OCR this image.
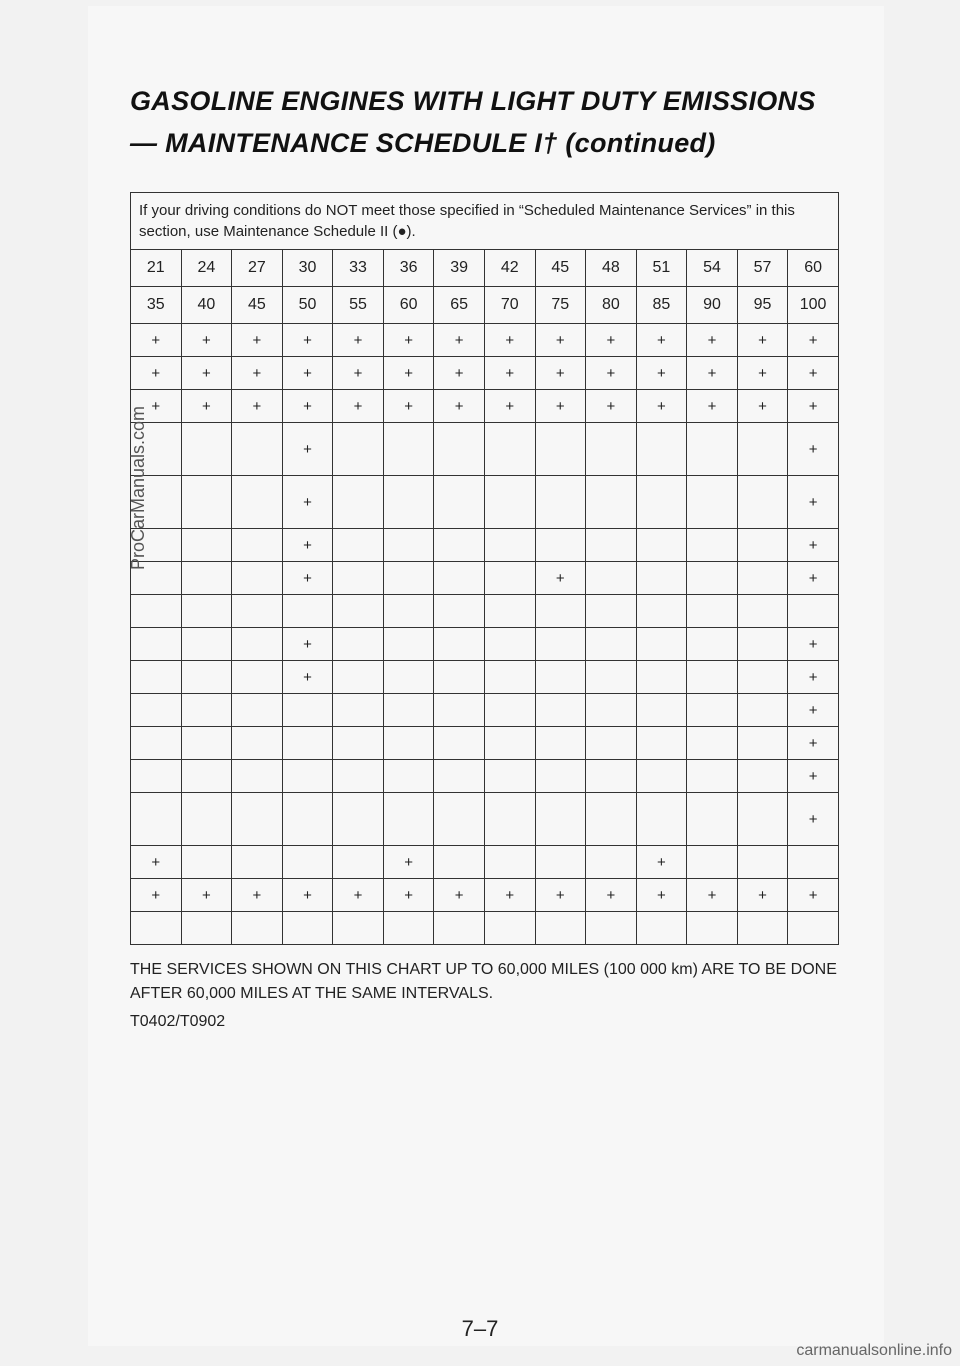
GASOLINE ENGINES WITH LIGHT DUTY EMISSIONS
— MAINTENANCE SCHEDULE I† (continued)
If your driving conditions do NOT meet those specified in “Scheduled Maintenance Services” in this section, use Maintenance Schedule II (●).													
21	24	27	30	33	36	39	42	45	48	51	54	57	60
35	40	45	50	55	60	65	70	75	80	85	90	95	100
+	+	+	+	+	+	+	+	+	+	+	+	+	+
+	+	+	+	+	+	+	+	+	+	+	+	+	+
+	+	+	+	+	+	+	+	+	+	+	+	+	+
			+										+
			+										+
			+										+
			+					+					+

			+										+
			+										+
													+
													+
													+
													+
+					+					+			
+	+	+	+	+	+	+	+	+	+	+	+	+	+

THE SERVICES SHOWN ON THIS CHART UP TO 60,000 MILES (100 000 km) ARE TO BE DONE AFTER 60,000 MILES AT THE SAME INTERVALS.
T0402/T0902
7–7
ProCarManuals.com
carmanualsonline.info
